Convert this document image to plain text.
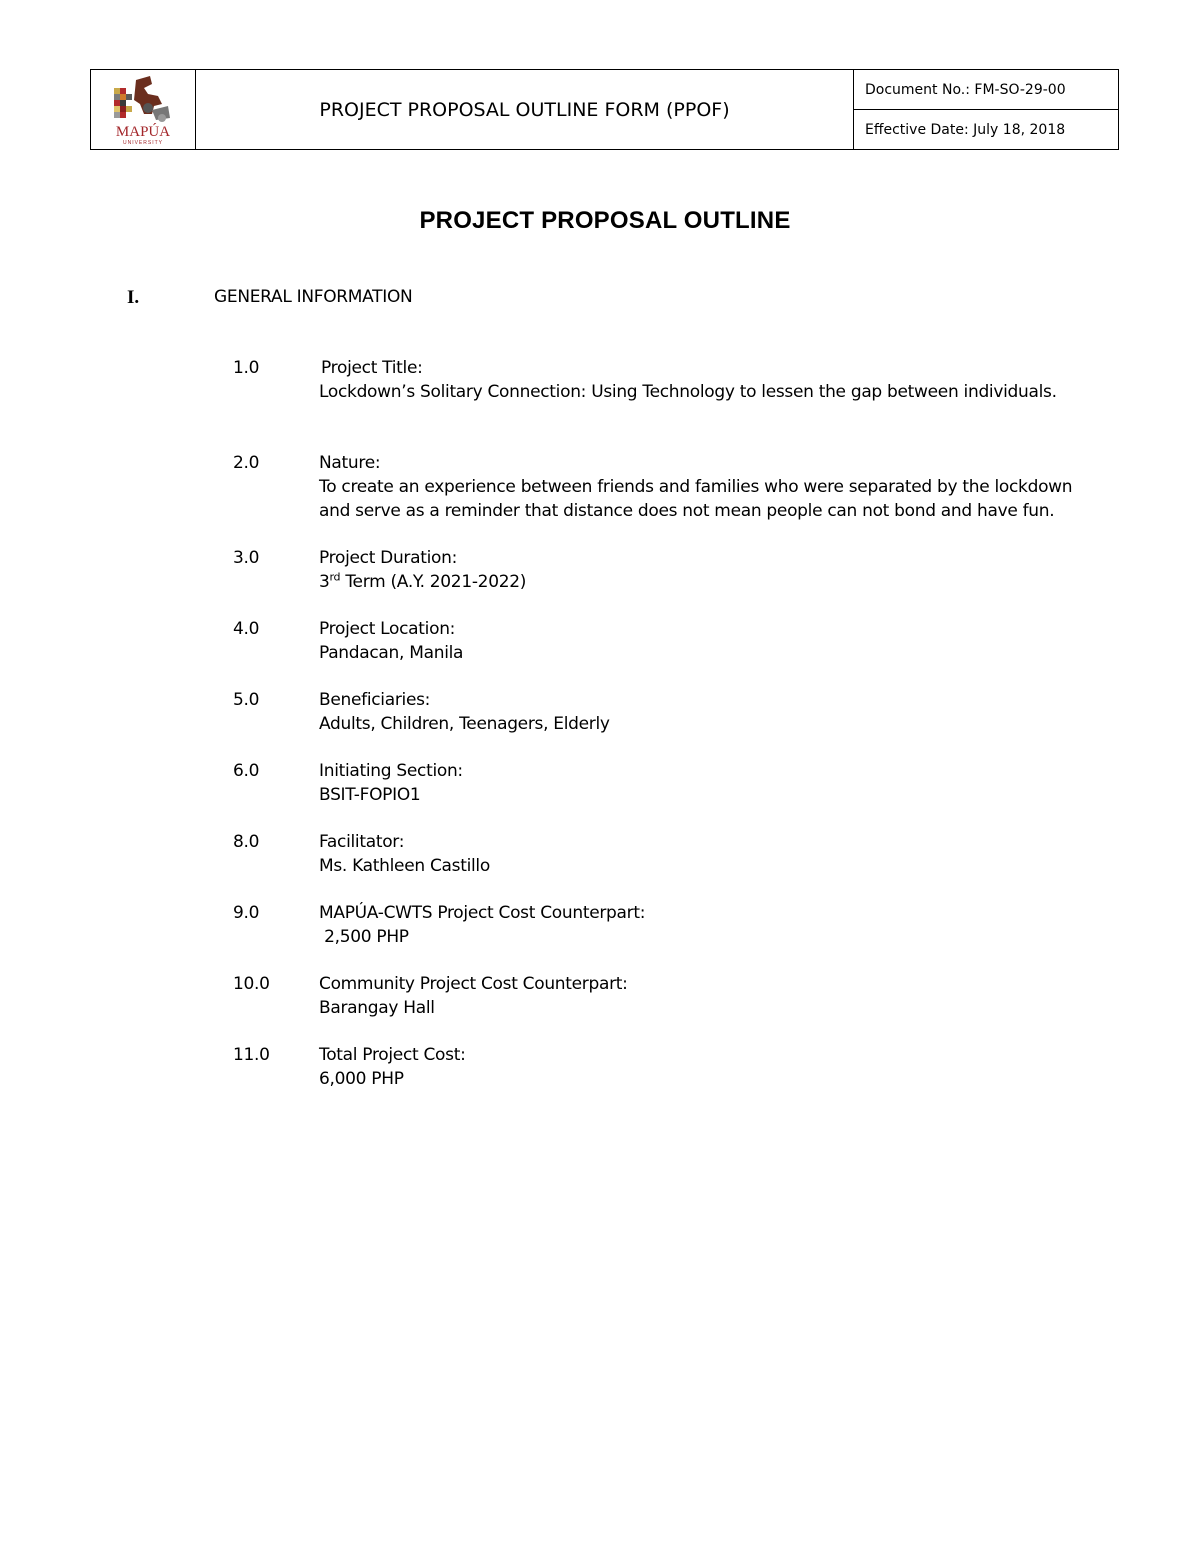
MAPÚA
UNIVERSITY
PROJECT PROPOSAL OUTLINE FORM (PPOF)
Document No.: FM-SO-29-00
Effective Date: July 18, 2018
PROJECT PROPOSAL OUTLINE
I.	GENERAL INFORMATION
1.0	Project Title:
Lockdown’s Solitary Connection: Using Technology to lessen the gap between individuals.
2.0	Nature:
To create an experience between friends and families who were separated by the lockdown
and serve as a reminder that distance does not mean people can not bond and have fun.
3.0	Project Duration:
3rd Term (A.Y. 2021-2022)
4.0	Project Location:
Pandacan, Manila
5.0	Beneficiaries:
Adults, Children, Teenagers, Elderly
6.0	Initiating Section:
BSIT-FOPIO1
8.0	Facilitator:
Ms. Kathleen Castillo
9.0	MAPÚA-CWTS Project Cost Counterpart:
2,500 PHP
10.0	Community Project Cost Counterpart:
Barangay Hall
11.0	Total Project Cost:
6,000 PHP
